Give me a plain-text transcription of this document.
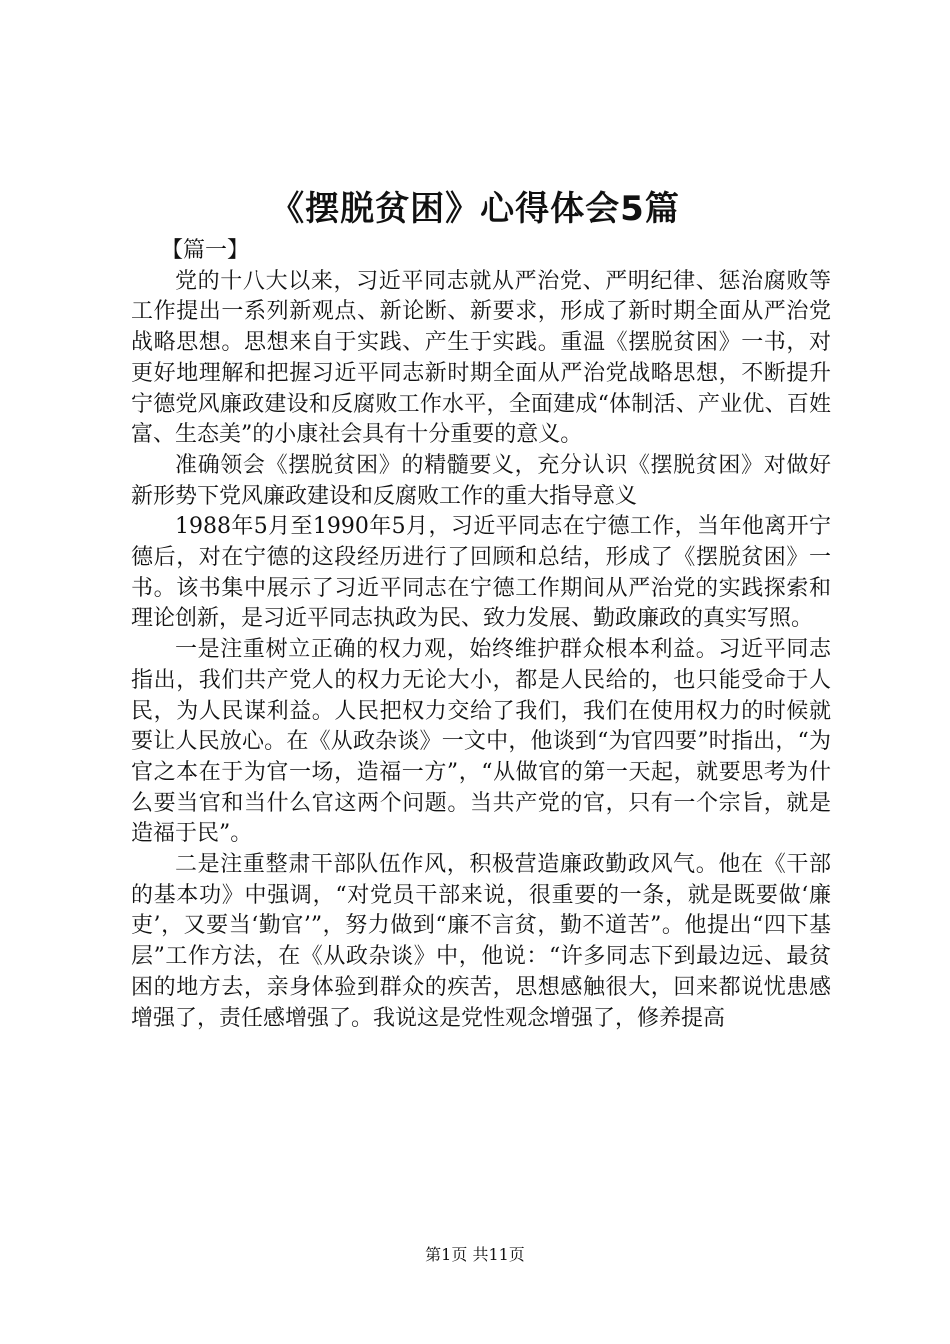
《摆脱贫困》心得体会5篇

【篇一】

党的十八大以来，习近平同志就从严治党、严明纪律、惩治腐败等工作提出一系列新观点、新论断、新要求，形成了新时期全面从严治党战略思想。思想来自于实践、产生于实践。重温《摆脱贫困》一书，对更好地理解和把握习近平同志新时期全面从严治党战略思想，不断提升宁德党风廉政建设和反腐败工作水平，全面建成“体制活、产业优、百姓富、生态美”的小康社会具有十分重要的意义。

准确领会《摆脱贫困》的精髓要义，充分认识《摆脱贫困》对做好新形势下党风廉政建设和反腐败工作的重大指导意义

1988年5月至1990年5月，习近平同志在宁德工作，当年他离开宁德后，对在宁德的这段经历进行了回顾和总结，形成了《摆脱贫困》一书。该书集中展示了习近平同志在宁德工作期间从严治党的实践探索和理论创新，是习近平同志执政为民、致力发展、勤政廉政的真实写照。

一是注重树立正确的权力观，始终维护群众根本利益。习近平同志指出，我们共产党人的权力无论大小，都是人民给的，也只能受命于人民，为人民谋利益。人民把权力交给了我们，我们在使用权力的时候就要让人民放心。在《从政杂谈》一文中，他谈到“为官四要”时指出，“为官之本在于为官一场，造福一方”，“从做官的第一天起，就要思考为什么要当官和当什么官这两个问题。当共产党的官，只有一个宗旨，就是造福于民”。

二是注重整肃干部队伍作风，积极营造廉政勤政风气。他在《干部的基本功》中强调，“对党员干部来说，很重要的一条，就是既要做‘廉吏’，又要当‘勤官’”，努力做到“廉不言贫，勤不道苦”。他提出“四下基层”工作方法，在《从政杂谈》中，他说：“许多同志下到最边远、最贫困的地方去，亲身体验到群众的疾苦，思想感触很大，回来都说忧患感增强了，责任感增强了。我说这是党性观念增强了，修养提高

第1页 共11页
